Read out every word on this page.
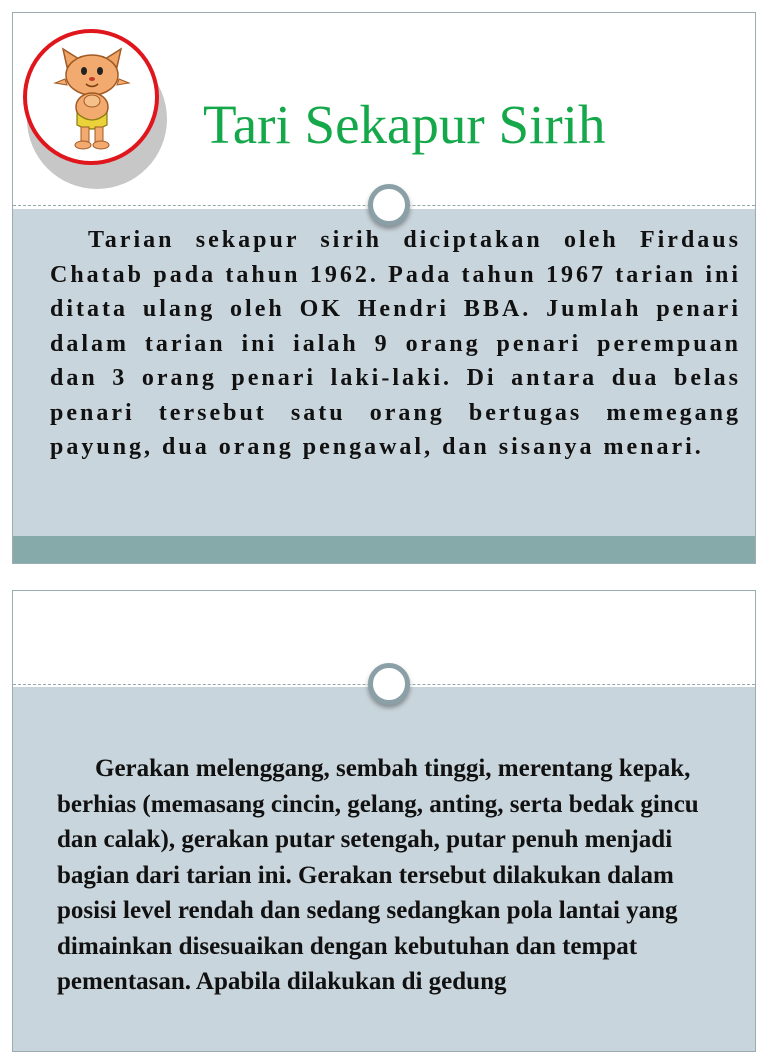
Tari Sekapur Sirih

Tarian sekapur sirih diciptakan oleh Firdaus Chatab pada tahun 1962. Pada tahun 1967 tarian ini ditata ulang oleh OK Hendri BBA. Jumlah penari dalam tarian ini ialah 9 orang penari perempuan dan 3 orang penari laki-laki. Di antara dua belas penari tersebut satu orang bertugas memegang payung, dua orang pengawal, dan sisanya menari.

Gerakan melenggang, sembah tinggi, merentang kepak, berhias (memasang cincin, gelang, anting, serta bedak gincu dan calak), gerakan putar setengah, putar penuh menjadi bagian dari tarian ini. Gerakan tersebut dilakukan dalam posisi level rendah dan sedang sedangkan pola lantai yang dimainkan disesuaikan dengan kebutuhan dan tempat pementasan. Apabila dilakukan di gedung
